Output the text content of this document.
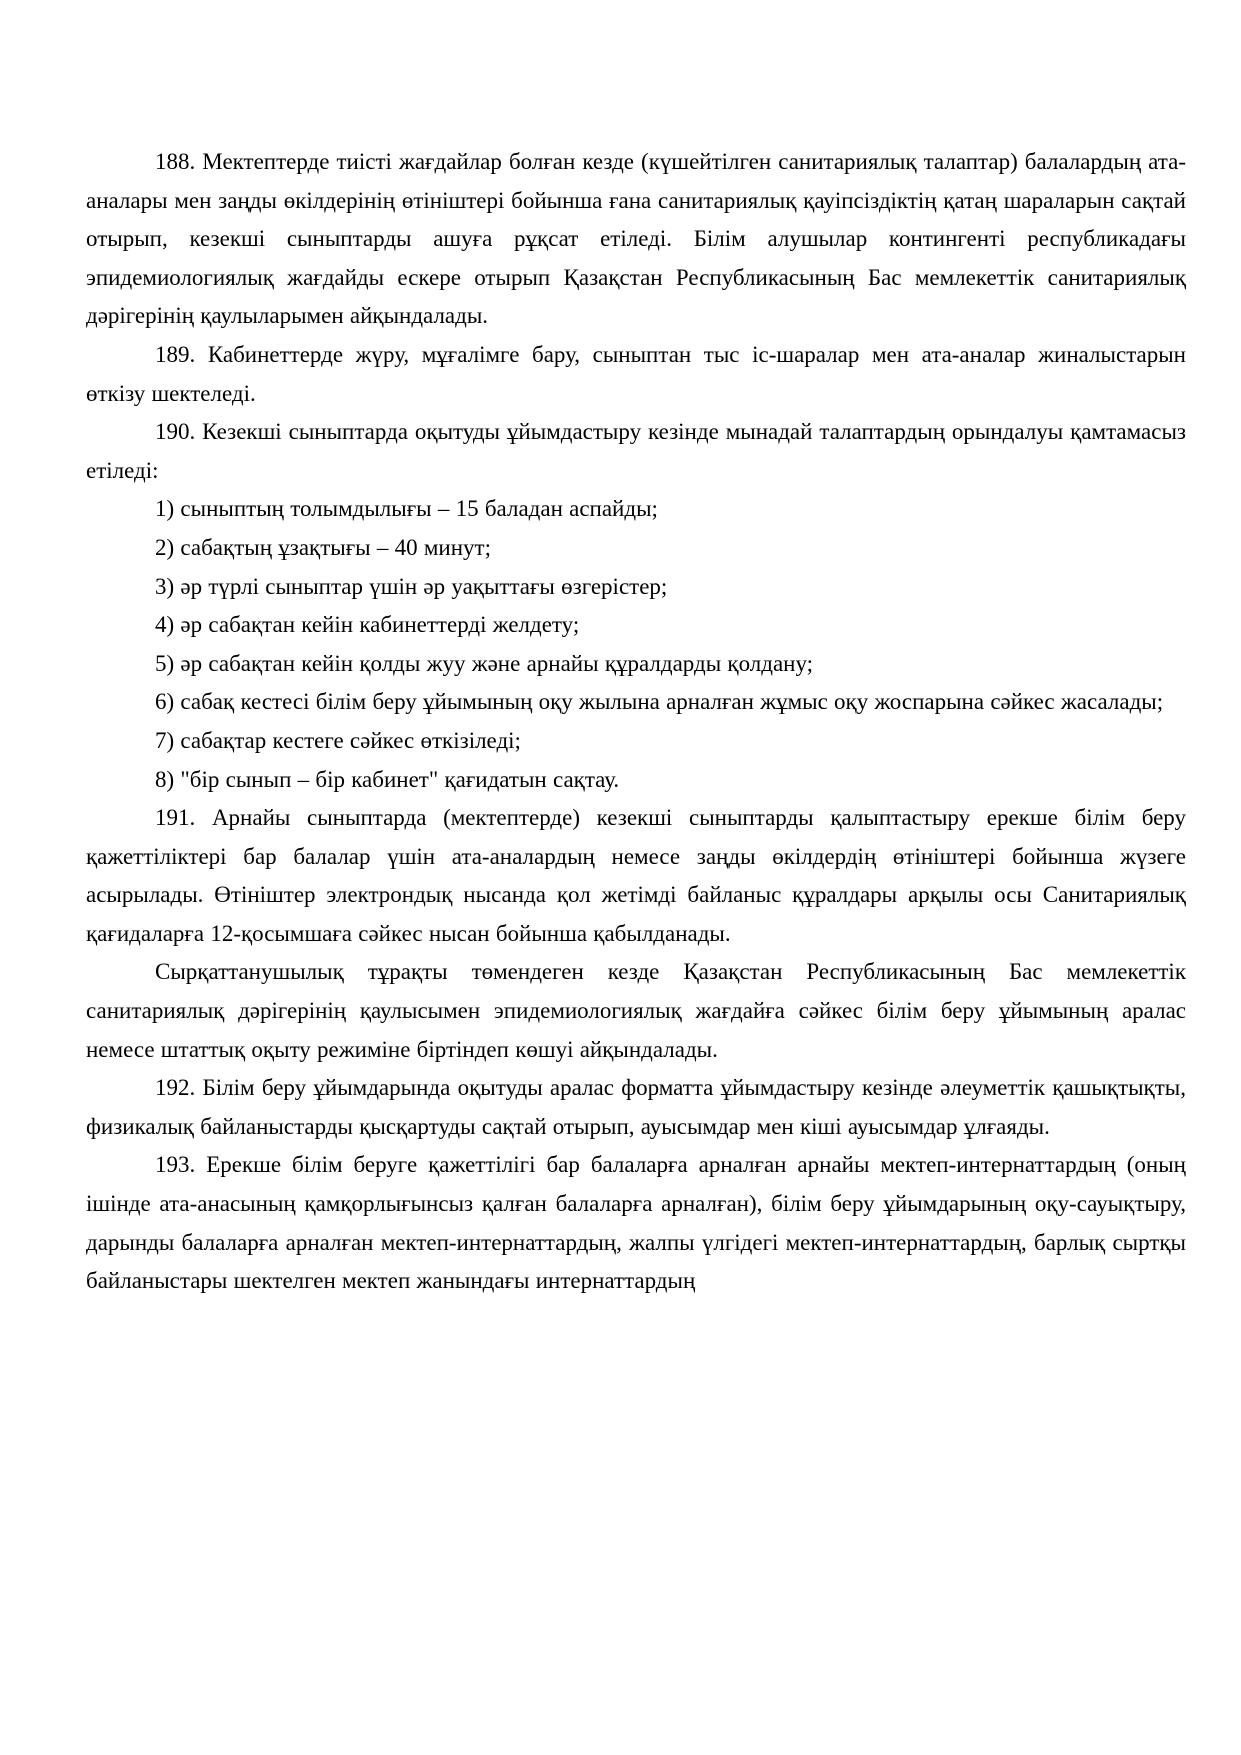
188. Мектептерде тиісті жағдайлар болған кезде (күшейтілген санитариялық талаптар) балалардың ата-аналары мен заңды өкілдерінің өтініштері бойынша ғана санитариялық қауіпсіздіктің қатаң шараларын сақтай отырып, кезекші сыныптарды ашуға рұқсат етіледі. Білім алушылар контингенті республикадағы эпидемиологиялық жағдайды ескере отырып Қазақстан Республикасының Бас мемлекеттік санитариялық дәрігерінің қаулыларымен айқындалады.

189. Кабинеттерде жүру, мұғалімге бару, сыныптан тыс іс-шаралар мен ата-аналар жиналыстарын өткізу шектеледі.

190. Кезекші сыныптарда оқытуды ұйымдастыру кезінде мынадай талаптардың орындалуы қамтамасыз етіледі:

1) сыныптың толымдылығы – 15 баладан аспайды;

2) сабақтың ұзақтығы – 40 минут;

3) әр түрлі сыныптар үшін әр уақыттағы өзгерістер;

4) әр сабақтан кейін кабинеттерді желдету;

5) әр сабақтан кейін қолды жуу және арнайы құралдарды қолдану;

6) сабақ кестесі білім беру ұйымының оқу жылына арналған жұмыс оқу жоспарына сәйкес жасалады;

7) сабақтар кестеге сәйкес өткізіледі;

8) "бір сынып – бір кабинет" қағидатын сақтау.

191. Арнайы сыныптарда (мектептерде) кезекші сыныптарды қалыптастыру ерекше білім беру қажеттіліктері бар балалар үшін ата-аналардың немесе заңды өкілдердің өтініштері бойынша жүзеге асырылады. Өтініштер электрондық нысанда қол жетімді байланыс құралдары арқылы осы Санитариялық қағидаларға 12-қосымшаға сәйкес нысан бойынша қабылданады.

Сырқаттанушылық тұрақты төмендеген кезде Қазақстан Республикасының Бас мемлекеттік санитариялық дәрігерінің қаулысымен эпидемиологиялық жағдайға сәйкес білім беру ұйымының аралас немесе штаттық оқыту режиміне біртіндеп көшуі айқындалады.

192. Білім беру ұйымдарында оқытуды аралас форматта ұйымдастыру кезінде әлеуметтік қашықтықты, физикалық байланыстарды қысқартуды сақтай отырып, ауысымдар мен кіші ауысымдар ұлғаяды.

193. Ерекше білім беруге қажеттілігі бар балаларға арналған арнайы мектеп-интернаттардың (оның ішінде ата-анасының қамқорлығынсыз қалған балаларға арналған), білім беру ұйымдарының оқу-сауықтыру, дарынды балаларға арналған мектеп-интернаттардың, жалпы үлгідегі мектеп-интернаттардың, барлық сыртқы байланыстары шектелген мектеп жанындағы интернаттардың
